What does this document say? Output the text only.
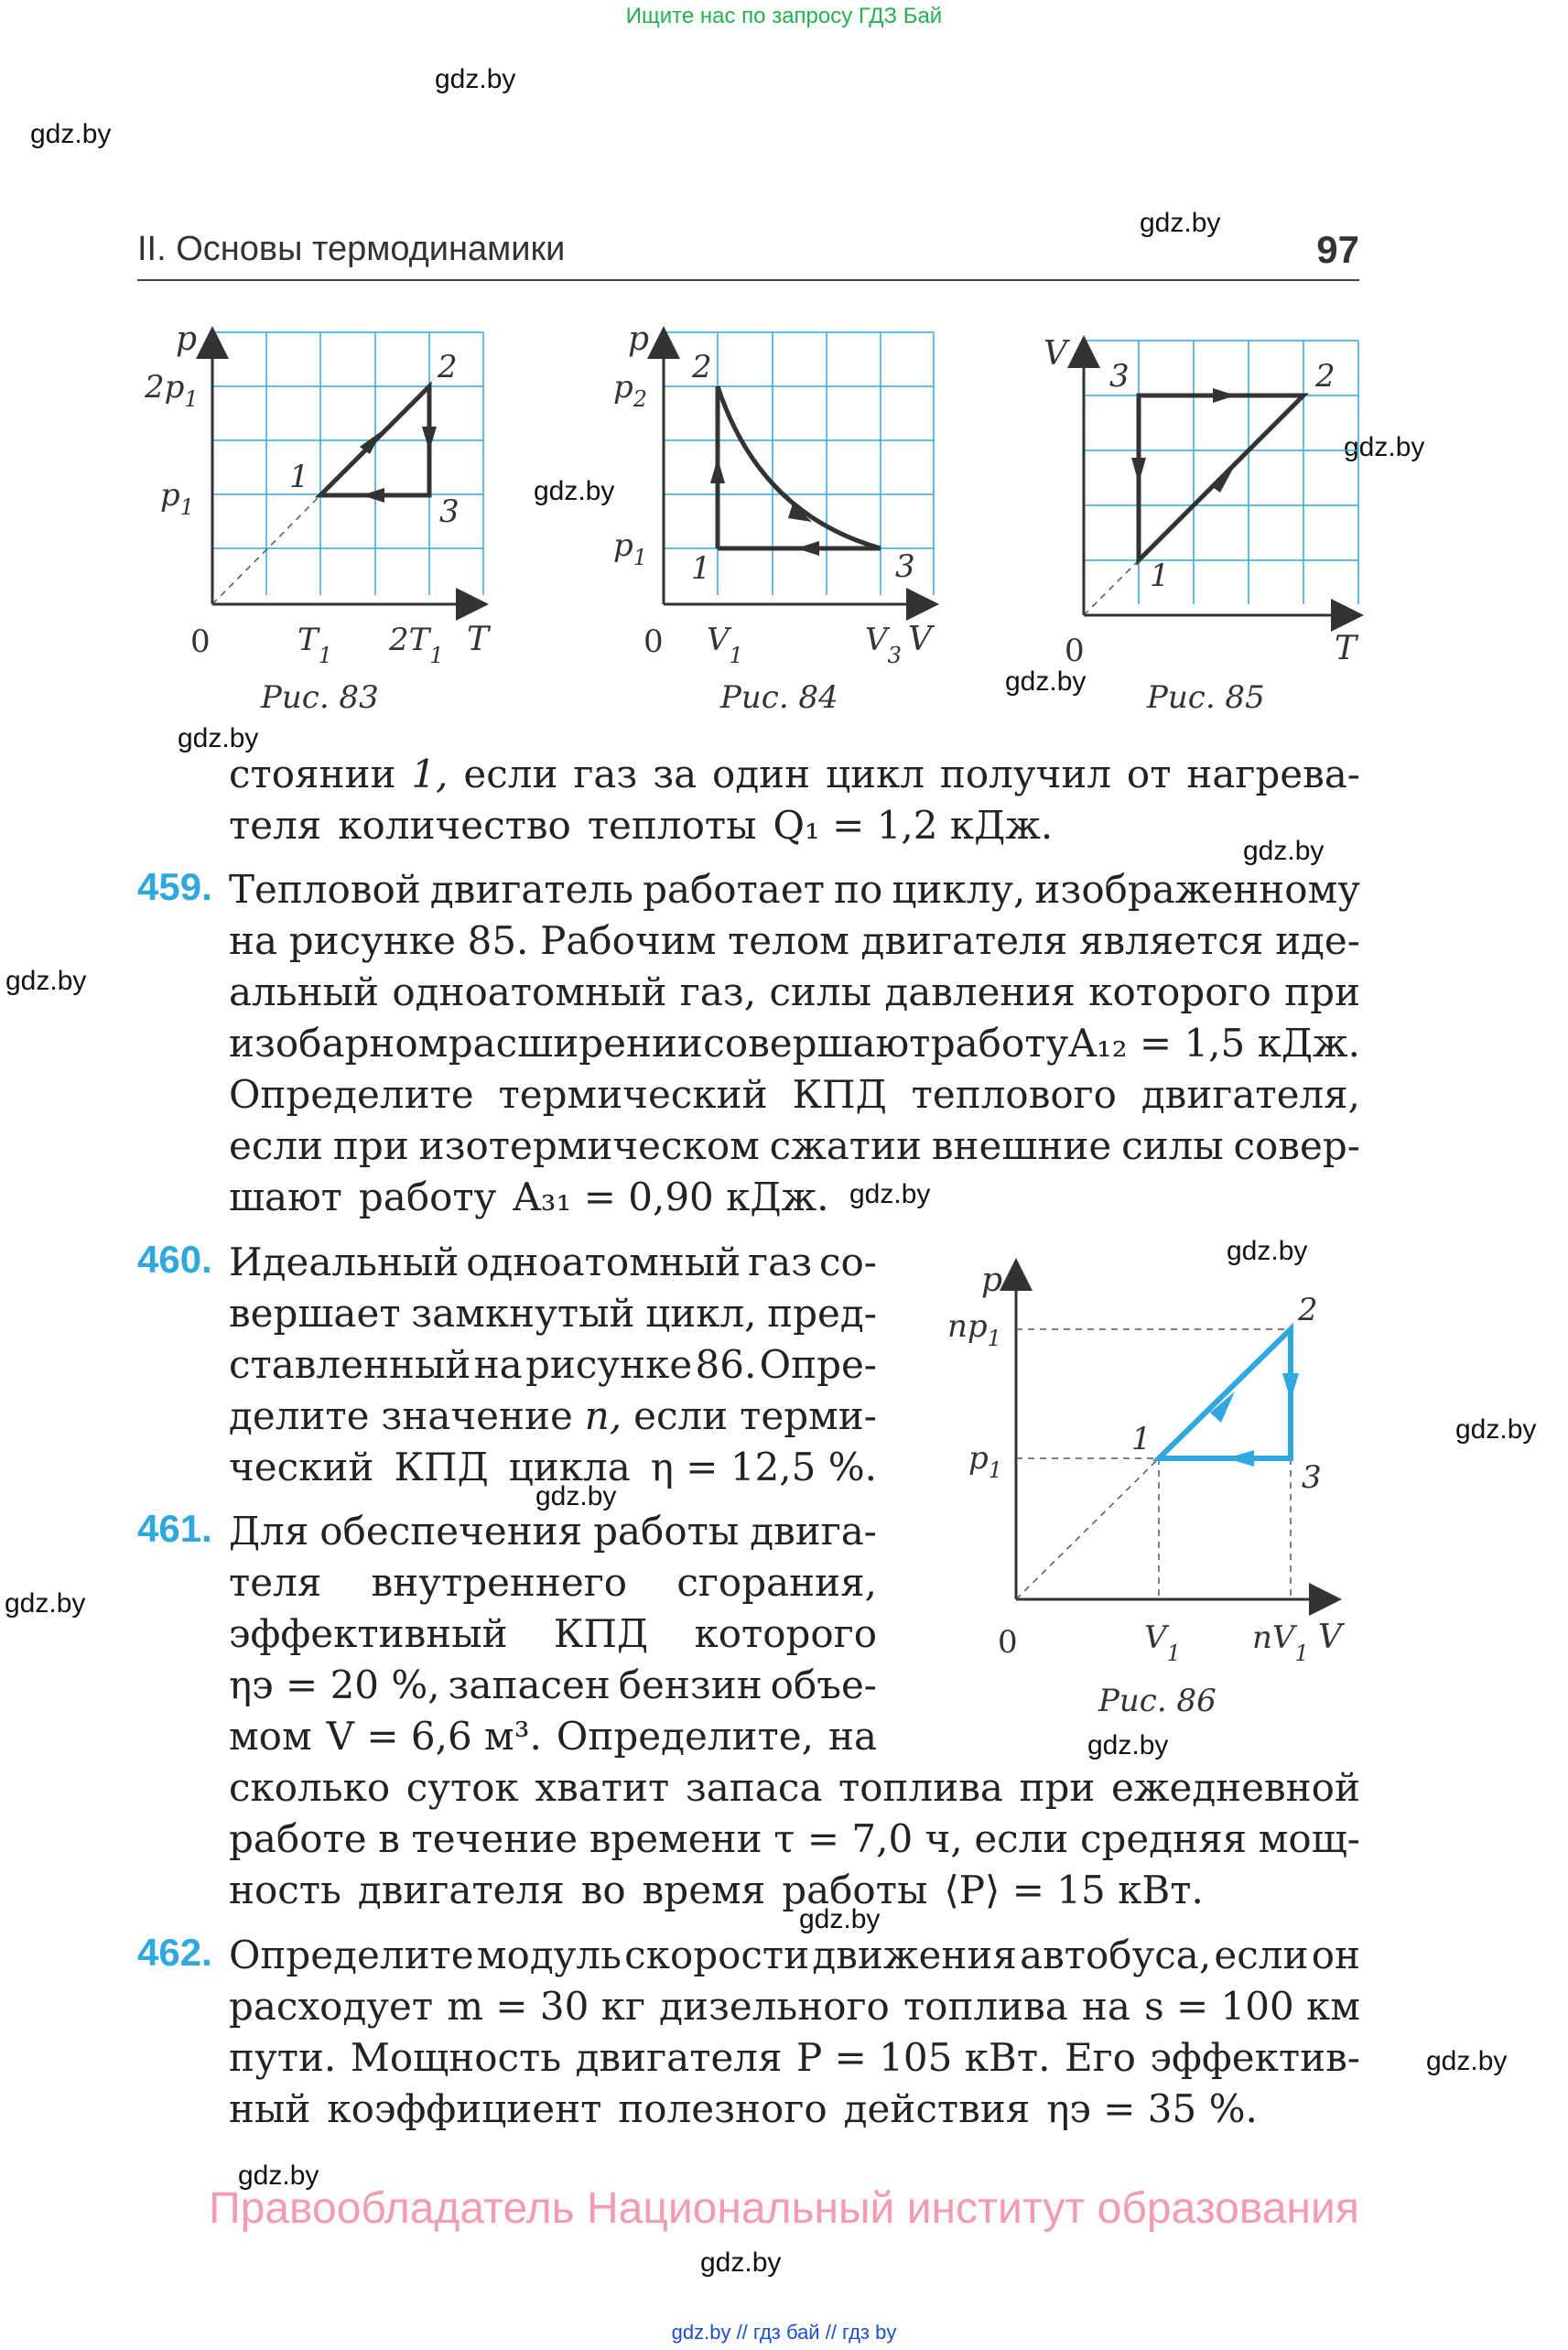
Ищите нас по запросу ГДЗ Бай
gdz.by
gdz.by
gdz.by
gdz.by
gdz.by
gdz.by
gdz.by
gdz.by
gdz.by
gdz.by
gdz.by
gdz.by
gdz.by
gdz.by
gdz.by
gdz.by
gdz.by
gdz.by
gdz.by
II. Основы термодинамики	97
p
T
0
$2p_1$
$p_1$
$T_1$ $2T_1$
1
2
3
p
V
0
$p_2$
$p_1$
$V_1$	$V_3$
1
2
3
V
T
0
1
2
3
Рис. 83	Рис. 84	Рис. 85
стоянии 1, если газ за один цикл получил от нагрева-
теля количество теплоты Q₁ = 1,2 кДж.
459. Тепловой двигатель работает по циклу, изображенному
на рисунке 85. Рабочим телом двигателя является иде-
альный одноатомный газ, силы давления которого при
изобарном расширении совершают работу A₁₂ = 1,5 кДж.
Определите термический КПД теплового двигателя,
если при изотермическом сжатии внешние силы совер-
шают работу A₃₁ = 0,90 кДж.
460. Идеальный одноатомный газ со-
вершает замкнутый цикл, пред-
ставленный на рисунке 86. Опре-
делите значение n, если терми-
ческий КПД цикла η = 12,5 %.
461. Для обеспечения работы двига-
теля внутреннего сгорания,
эффективный КПД которого
ηэ = 20 %, запасен бензин объе-
мом V = 6,6 м³. Определите, на
сколько суток хватит запаса топлива при ежедневной
работе в течение времени τ = 7,0 ч, если средняя мощ-
ность двигателя во время работы ⟨P⟩ = 15 кВт.
462. Определите модуль скорости движения автобуса, если он
расходует m = 30 кг дизельного топлива на s = 100 км
пути. Мощность двигателя P = 105 кВт. Его эффектив-
ный коэффициент полезного действия ηэ = 35 %.
p
V
0
$np_1$
$p_1$
$V_1$ $nV_1$
1
2
3
Рис. 86
Правообладатель Национальный институт образования
gdz.by // гдз бай // гдз by
